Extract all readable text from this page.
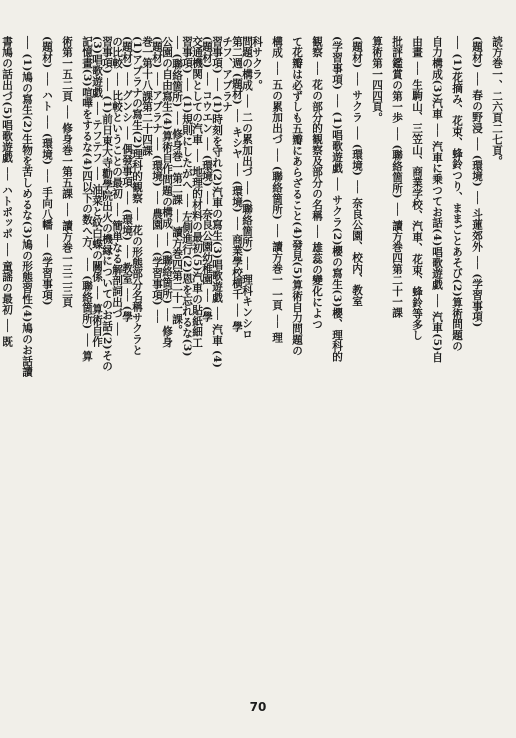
読方巻一、二六頁二七頁。
(題材) ── 春の野浸 ── (環境) ── 斗蓮郊外 ── (学習事項)
── (1)花摘み、花束、蜂鈴つり、ままごとあそび(2)算術問題の
自力構成(3)汽車 ── 汽車に乗つてお話(4)唱歌遊戯 ── 汽車(5)自
由畫 ── 生駒山、三笠山、商業学校、汽車、花束、蜂鈴等多し
批評鑑賞の第一歩 ── (聯絡箇所) ── 讀方巻四第二十一課
算術第一四四頁。
(題材) ── サクラ ── (環境) ── 奈良公園、校内、教室
(学習事項) ── (1)唱歌遊戯 ── サクラ(2)櫻の寫生(3)櫻、理科的
観察 ── 花の部分的観察及部分の名稱 ── 雄蕊の變化によつ
て花瓣は必ずしも五瓣にあらざること(4)發見(5)算術自力問題の
構成 ── 五の累加出づ ── (聯絡箇所) ── 讀方巻一 一頁 ── 理
科サクラ。
第二週 (題材) ── キシヤ ── (環境) ── 商業學校横千 ── 學
習事項) ── (1)時刻を守れ(2)汽車の寫生(3)唱歌遊戯 ── 汽車 (4)
交通機関としての汽車 ── 地理的材料の最初(5)汽車の貼紙細工
── (聯絡箇所) ── 修身巻一第二課 ── 讀方巻四第二十一課。
(題材) ── アブラナ ── (環境) ── 農園 ── (学習事項) ──
(1)アブラナの寫生(2)理科的観察 ── 花の形態部分名稱サクラと
の比較 ── 比較ということの最初 ── 簡単なる解剖詞出づ ──
(3)唱歌遊戯 ── テフテフ ── 油菜と紋白蝶の關係 ── 算術自作	問題の構成 ── 二の累加出づ ── (聯絡箇所) ── 理科キンシロ
チフ、アブラナ
(題材) ── コウエン ── (環境) ── 奈良公園幼稚園 ── (學
習事項) ── (1)規則にしたがへ ── 左側進行(2)恩を忘れるな(3)
公園の自由寫生(4)算術自作問題の構成 ── (聯絡箇所) ── 修身
巻一第十八課第二十四課
(題材) ── グンシ ── 偶發事項 ── (環境) ── 教室 ── (學
習事項) ── (1)前日東大寺勸學院出火の機縁についてのお話(2)その
記憶畫(3)喧嘩をするな(4)四以下の数へ方、── (聯絡箇所) ── 算
術第一五二頁 ── 修身巻一第五課 ── 讀方巻一三二三頁
(題材) ── ハト ── (環境) ── 手向八幡 ── (学習事項)
── (1)鳩の寫生(2)生物を苦しめるな(3)鳩の形態習性(4)鳩のお話讀
書鳩の話出づ(5)唱歌遊戯 ── ハトポッポ ── 童謡の最初 ── 既
70
